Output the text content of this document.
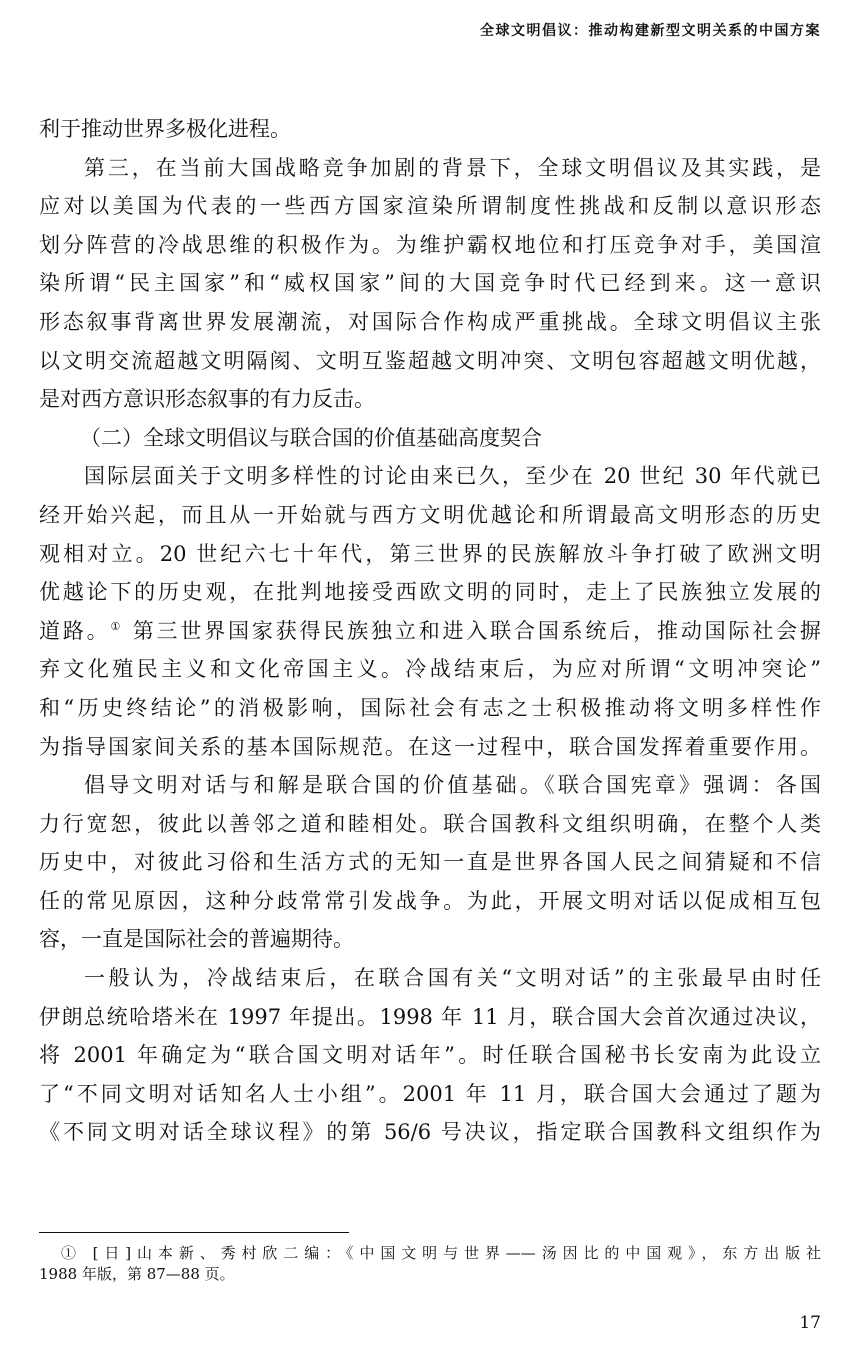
全球文明倡议：推动构建新型文明关系的中国方案
利于推动世界多极化进程。
第三，在当前大国战略竞争加剧的背景下，全球文明倡议及其实践，是
应对以美国为代表的一些西方国家渲染所谓制度性挑战和反制以意识形态
划分阵营的冷战思维的积极作为。为维护霸权地位和打压竞争对手，美国渲
染所谓“民主国家”和“威权国家”间的大国竞争时代已经到来。这一意识
形态叙事背离世界发展潮流，对国际合作构成严重挑战。全球文明倡议主张
以文明交流超越文明隔阂、文明互鉴超越文明冲突、文明包容超越文明优越，
是对西方意识形态叙事的有力反击。
（二）全球文明倡议与联合国的价值基础高度契合
国际层面关于文明多样性的讨论由来已久，至少在 20 世纪 30 年代就已
经开始兴起，而且从一开始就与西方文明优越论和所谓最高文明形态的历史
观相对立。20 世纪六七十年代，第三世界的民族解放斗争打破了欧洲文明
优越论下的历史观，在批判地接受西欧文明的同时，走上了民族独立发展的
道路。① 第三世界国家获得民族独立和进入联合国系统后，推动国际社会摒
弃文化殖民主义和文化帝国主义。冷战结束后，为应对所谓“文明冲突论”
和“历史终结论”的消极影响，国际社会有志之士积极推动将文明多样性作
为指导国家间关系的基本国际规范。在这一过程中，联合国发挥着重要作用。
倡导文明对话与和解是联合国的价值基础。《联合国宪章》强调：各国
力行宽恕，彼此以善邻之道和睦相处。联合国教科文组织明确，在整个人类
历史中，对彼此习俗和生活方式的无知一直是世界各国人民之间猜疑和不信
任的常见原因，这种分歧常常引发战争。为此，开展文明对话以促成相互包
容，一直是国际社会的普遍期待。
一般认为，冷战结束后，在联合国有关“文明对话”的主张最早由时任
伊朗总统哈塔米在 1997 年提出。1998 年 11 月，联合国大会首次通过决议，
将 2001 年确定为“联合国文明对话年”。时任联合国秘书长安南为此设立
了“不同文明对话知名人士小组”。2001 年 11 月，联合国大会通过了题为
《不同文明对话全球议程》的第 56/6 号决议，指定联合国教科文组织作为
① [日]山本新、秀村欣二编：《中国文明与世界——汤因比的中国观》，东方出版社
1988 年版，第 87—88 页。
17
